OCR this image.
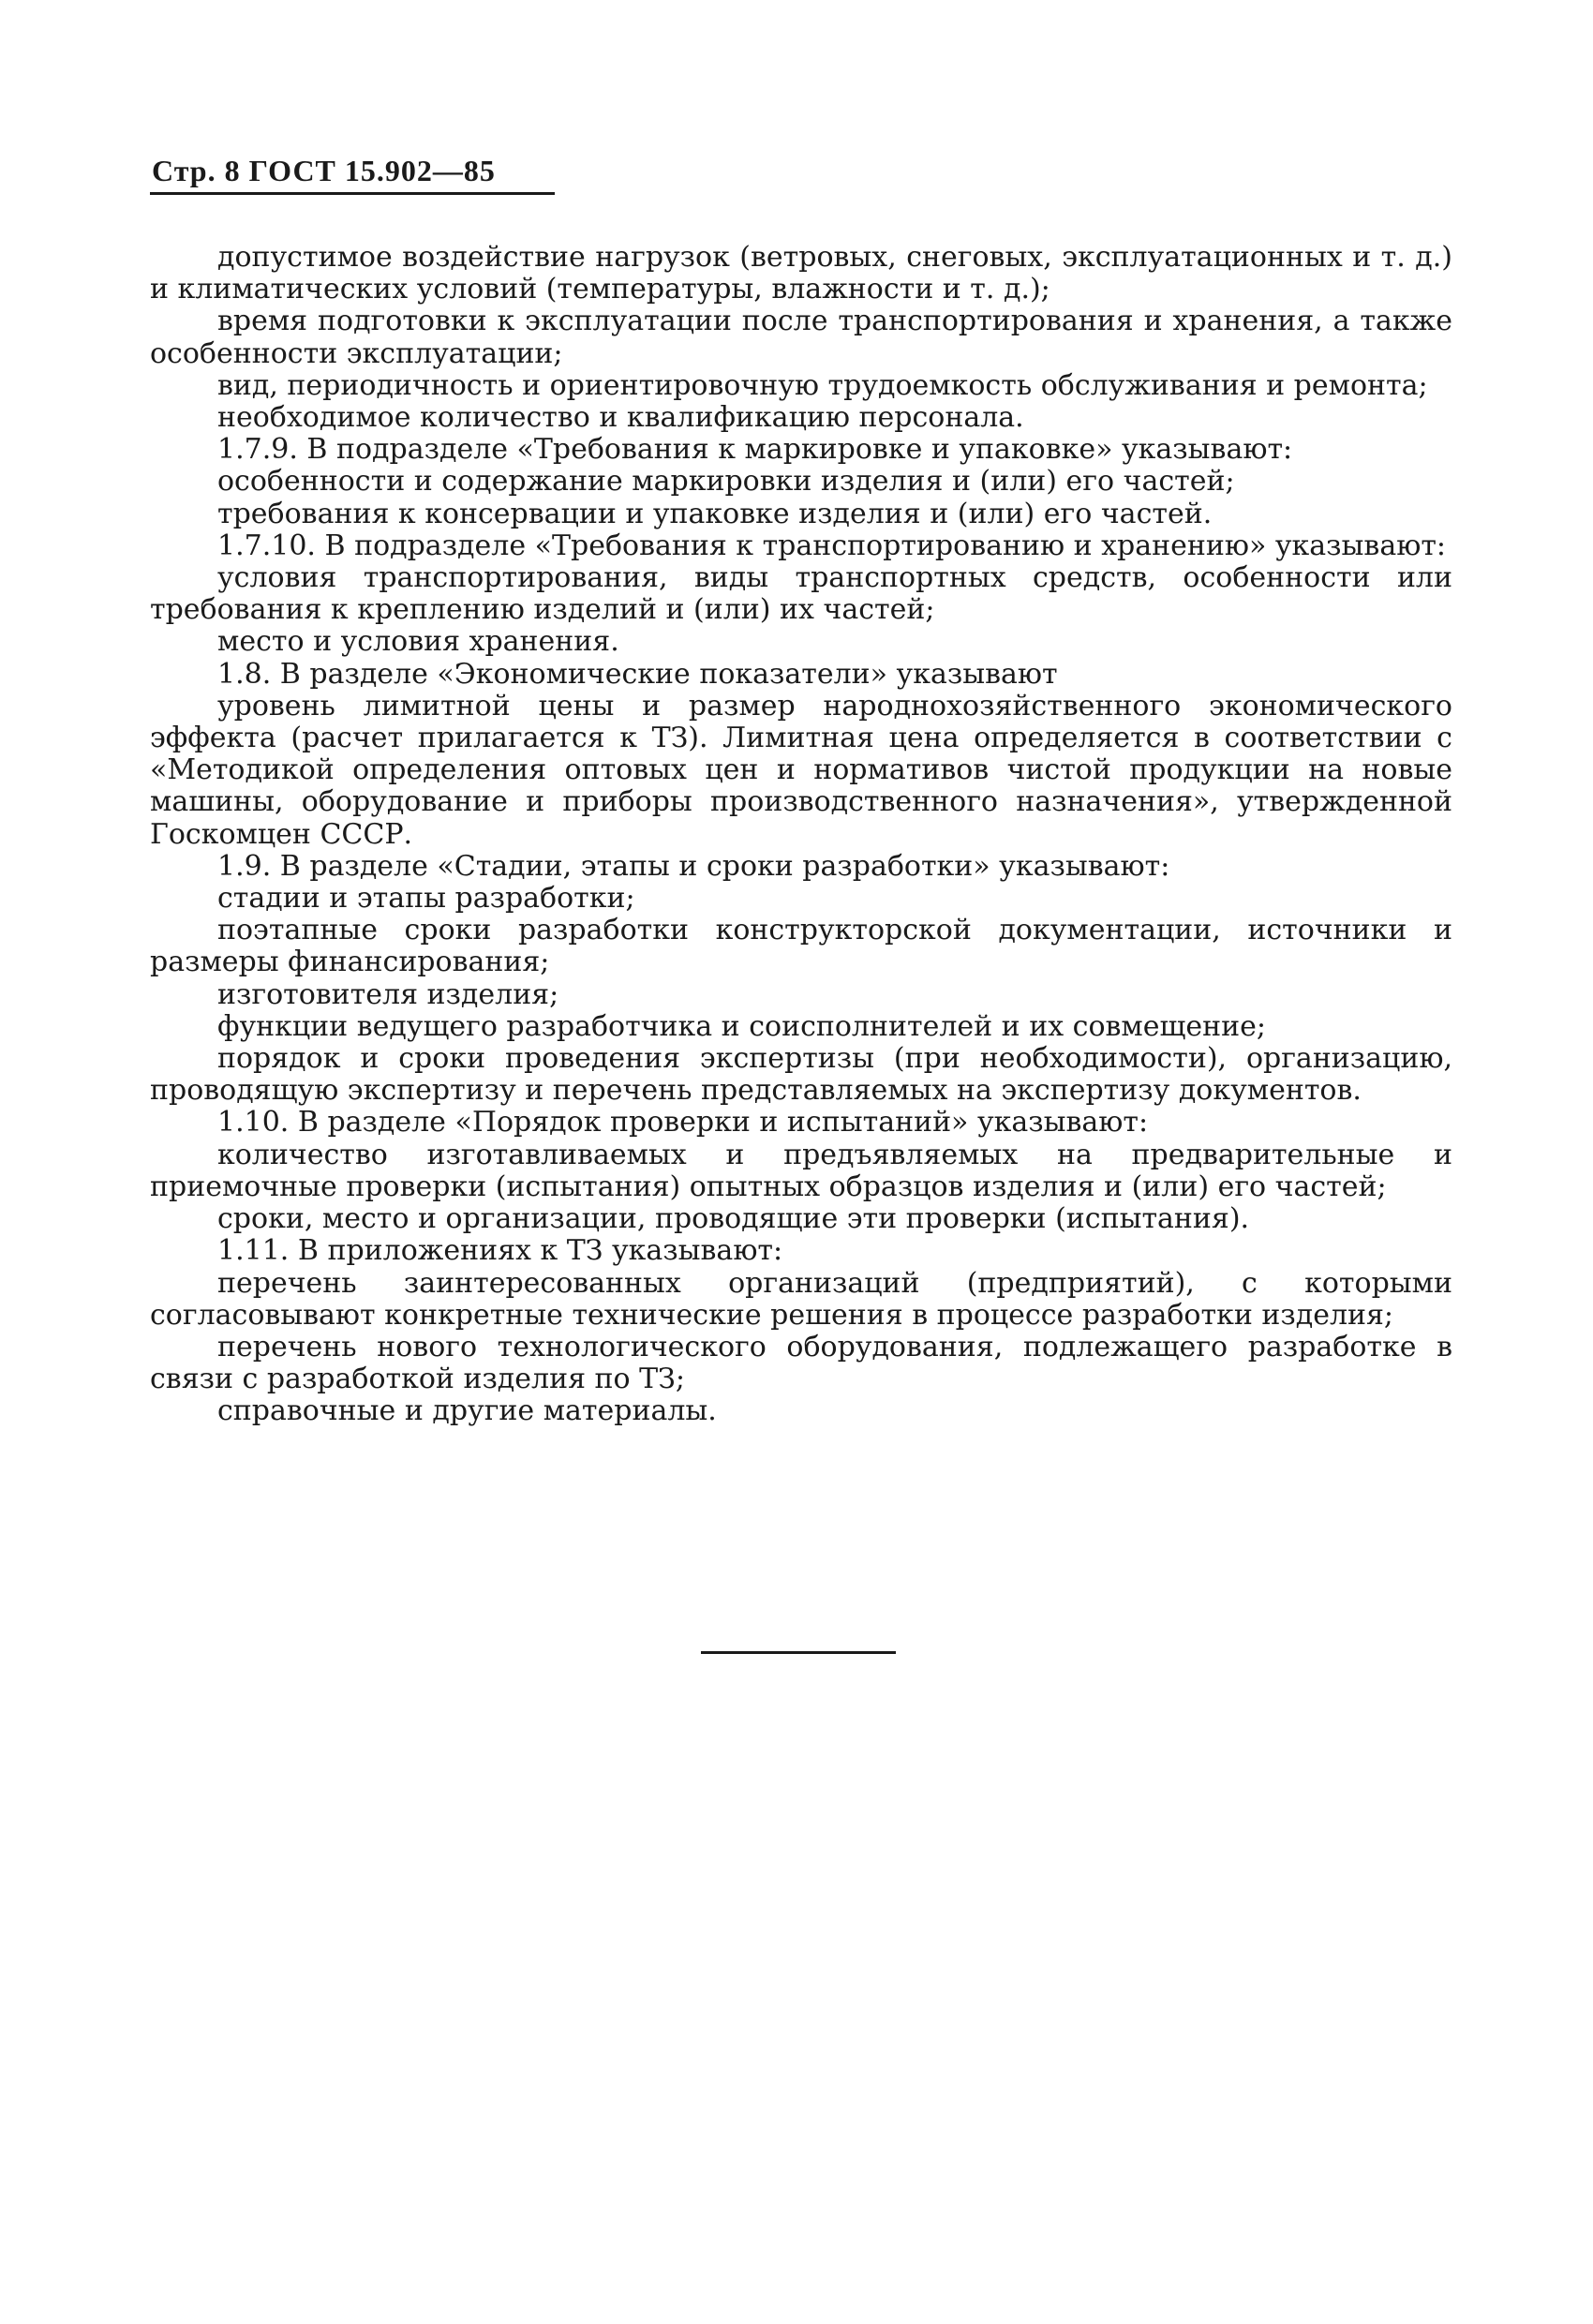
Стр. 8 ГОСТ 15.902—85

допустимое воздействие нагрузок (ветровых, снеговых, эксплуатационных и т. д.) и климатических условий (температуры, влажности и т. д.);

время подготовки к эксплуатации после транспортирования и хранения, а также особенности эксплуатации;

вид, периодичность и ориентировочную трудоемкость обслуживания и ремонта;

необходимое количество и квалификацию персонала.

1.7.9. В подразделе «Требования к маркировке и упаковке» указывают:

особенности и содержание маркировки изделия и (или) его частей;

требования к консервации и упаковке изделия и (или) его частей.

1.7.10. В подразделе «Требования к транспортированию и хранению» указывают:

условия транспортирования, виды транспортных средств, особенности или требования к креплению изделий и (или) их частей;

место и условия хранения.

1.8. В разделе «Экономические показатели» указывают

уровень лимитной цены и размер народнохозяйственного экономического эффекта (расчет прилагается к ТЗ). Лимитная цена определяется в соответствии с «Методикой определения оптовых цен и нормативов чистой продукции на новые машины, оборудование и приборы производственного назначения», утвержденной Госкомцен СССР.

1.9. В разделе «Стадии, этапы и сроки разработки» указывают:

стадии и этапы разработки;

поэтапные сроки разработки конструкторской документации, источники и размеры финансирования;

изготовителя изделия;

функции ведущего разработчика и соисполнителей и их совмещение;

порядок и сроки проведения экспертизы (при необходимости), организацию, проводящую экспертизу и перечень представляемых на экспертизу документов.

1.10. В разделе «Порядок проверки и испытаний» указывают:

количество изготавливаемых и предъявляемых на предварительные и приемочные проверки (испытания) опытных образцов изделия и (или) его частей;

сроки, место и организации, проводящие эти проверки (испытания).

1.11. В приложениях к ТЗ указывают:

перечень заинтересованных организаций (предприятий), с которыми согласовывают конкретные технические решения в процессе разработки изделия;

перечень нового технологического оборудования, подлежащего разработке в связи с разработкой изделия по ТЗ;

справочные и другие материалы.
